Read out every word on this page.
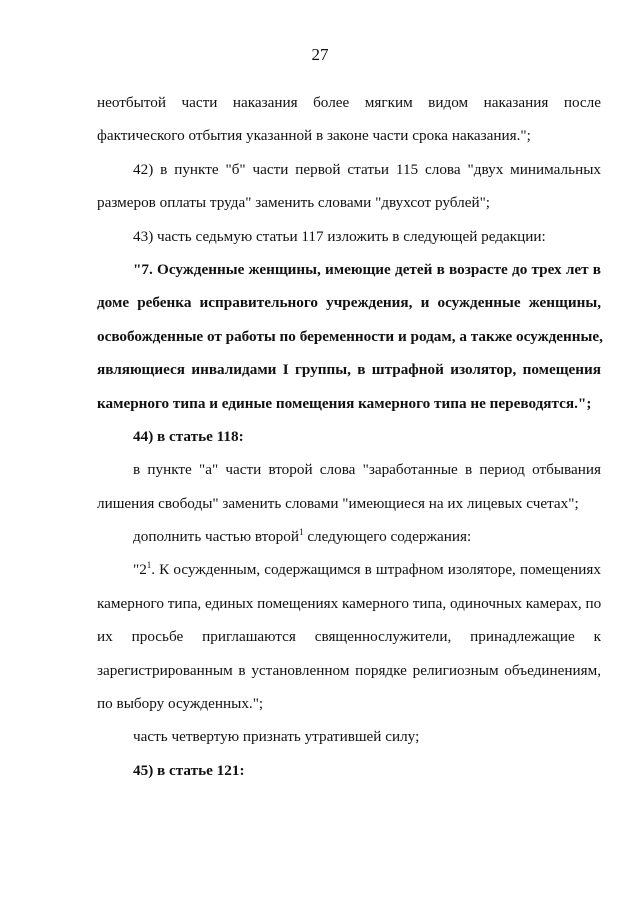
27
неотбытой части наказания более мягким видом наказания после
фактического отбытия указанной в законе части срока наказания.";
42) в пункте "б" части первой статьи 115 слова "двух минимальных
размеров оплаты труда" заменить словами "двухсот рублей";
43) часть седьмую статьи 117 изложить в следующей редакции:
"7. Осужденные женщины, имеющие детей в возрасте до трех лет в
доме ребенка исправительного учреждения, и осужденные женщины,
освобожденные от работы по беременности и родам, а также осужденные,
являющиеся инвалидами I группы, в штрафной изолятор, помещения
камерного типа и единые помещения камерного типа не переводятся.";
44) в статье 118:
в пункте "а" части второй слова "заработанные в период отбывания
лишения свободы" заменить словами "имеющиеся на их лицевых счетах";
дополнить частью второй$^1$ следующего содержания:
"$2^1$. К осужденным, содержащимся в штрафном изоляторе, помещениях
камерного типа, единых помещениях камерного типа, одиночных камерах, по
их просьбе приглашаются священнослужители, принадлежащие к
зарегистрированным в установленном порядке религиозным объединениям,
по выбору осужденных.";
часть четвертую признать утратившей силу;
45) в статье 121:
